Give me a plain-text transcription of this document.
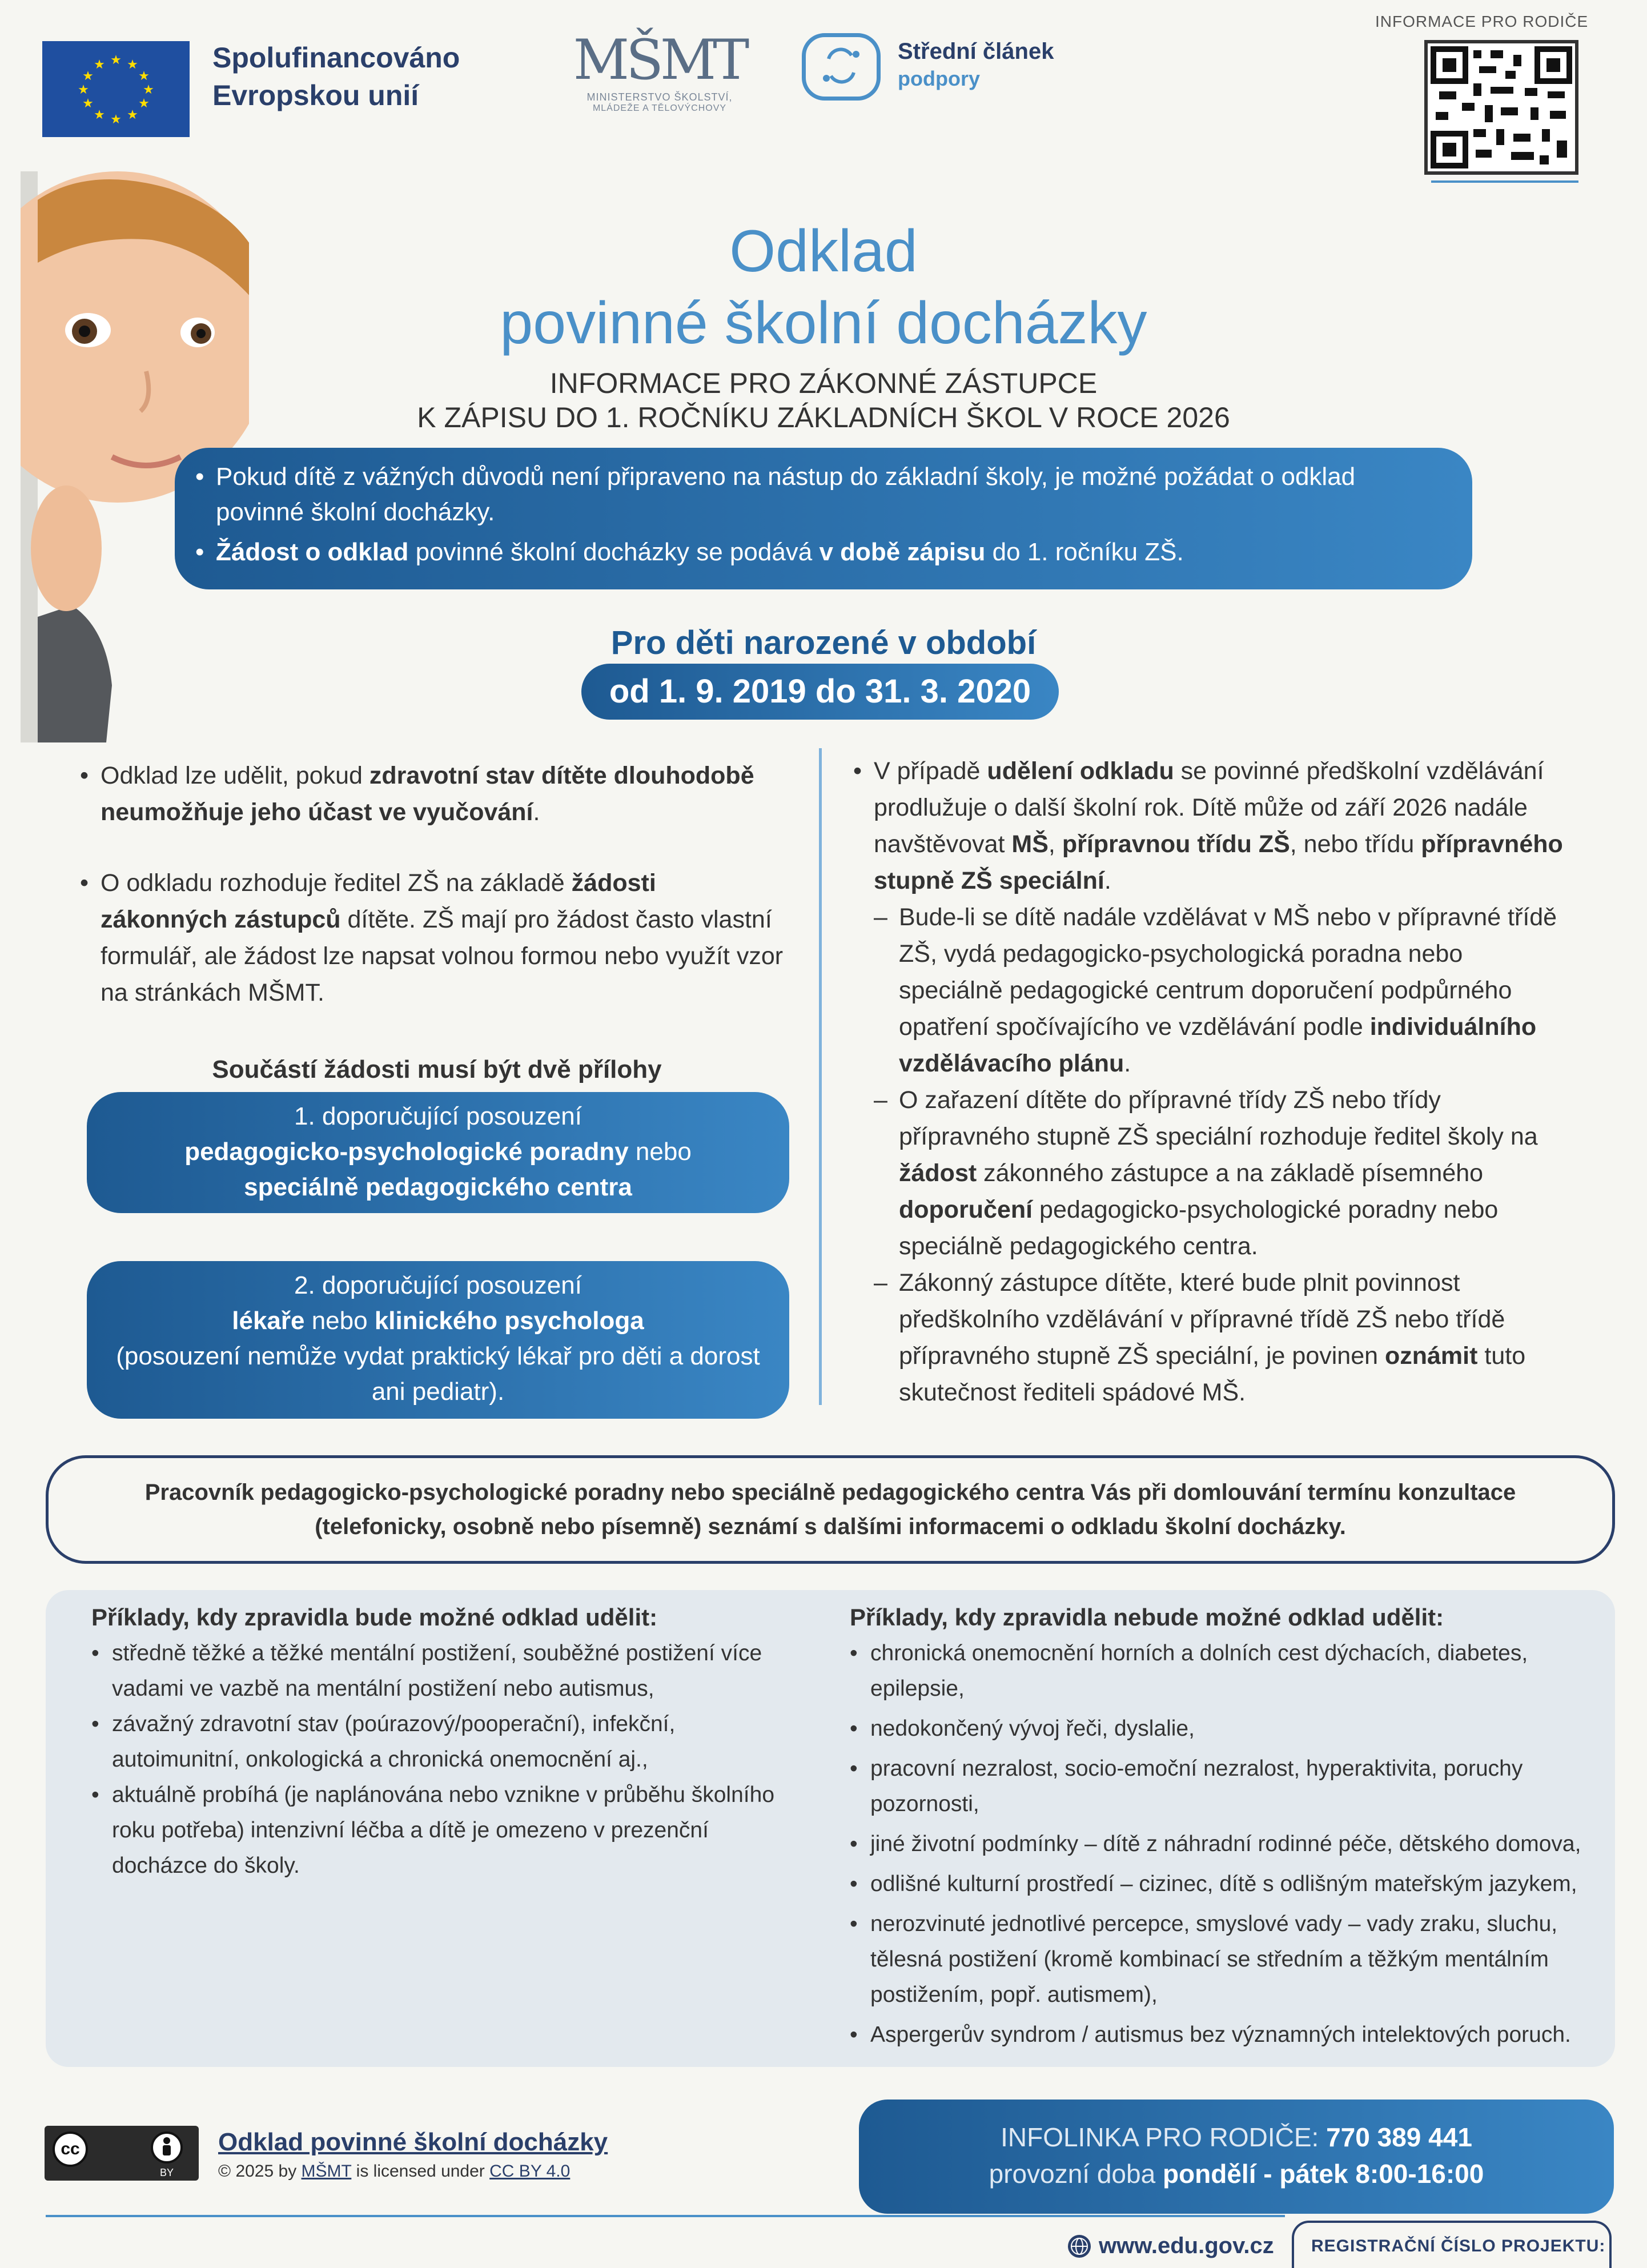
★ ★
★
★
★
★
★
★
★
★
★
★	Spolufinancováno
Evropskou unií
MŠMT
MINISTERSTVO ŠKOLSTVÍ,
MLÁDEŽE A TĚLOVÝCHOVY
Střední článek
podpory
INFORMACE PRO RODIČE
Odklad
povinné školní docházky
INFORMACE PRO ZÁKONNÉ ZÁSTUPCE
K ZÁPISU DO 1. ROČNÍKU ZÁKLADNÍCH ŠKOL V ROCE 2026
• Pokud dítě z vážných důvodů není připraveno na nástup do základní školy, je možné požádat o odklad povinné školní docházky.
• Žádost o odklad povinné školní docházky se podává v době zápisu do 1. ročníku ZŠ.
Pro děti narozené v období
od 1. 9. 2019 do 31. 3. 2020
• Odklad lze udělit, pokud zdravotní stav dítěte dlouhodobě neumožňuje jeho účast ve vyučování.
• O odkladu rozhoduje ředitel ZŠ na základě žádosti zákonných zástupců dítěte. ZŠ mají pro žádost často vlastní formulář, ale žádost lze napsat volnou formou nebo využít vzor na stránkách MŠMT.
Součástí žádosti musí být dvě přílohy
1. doporučující posouzení
pedagogicko-psychologické poradny nebo
speciálně pedagogického centra
2. doporučující posouzení
lékaře nebo klinického psychologa
(posouzení nemůže vydat praktický lékař pro děti a dorost ani pediatr).
• V případě udělení odkladu se povinné předškolní vzdělávání prodlužuje o další školní rok. Dítě může od září 2026 nadále navštěvovat MŠ, přípravnou třídu ZŠ, nebo třídu přípravného stupně ZŠ speciální.
– Bude-li se dítě nadále vzdělávat v MŠ nebo v přípravné třídě ZŠ, vydá pedagogicko-psychologická poradna nebo speciálně pedagogické centrum doporučení podpůrného opatření spočívajícího ve vzdělávání podle individuálního vzdělávacího plánu.
– O zařazení dítěte do přípravné třídy ZŠ nebo třídy přípravného stupně ZŠ speciální rozhoduje ředitel školy na žádost zákonného zástupce a na základě písemného doporučení pedagogicko-psychologické poradny nebo speciálně pedagogického centra.
– Zákonný zástupce dítěte, které bude plnit povinnost předškolního vzdělávání v přípravné třídě ZŠ nebo třídě přípravného stupně ZŠ speciální, je povinen oznámit tuto skutečnost řediteli spádové MŠ.
Pracovník pedagogicko-psychologické poradny nebo speciálně pedagogického centra Vás při domlouvání termínu konzultace (telefonicky, osobně nebo písemně) seznámí s dalšími informacemi o odkladu školní docházky.
Příklady, kdy zpravidla bude možné odklad udělit:
• středně těžké a těžké mentální postižení, souběžné postižení více vadami ve vazbě na mentální postižení nebo autismus,
• závažný zdravotní stav (poúrazový/pooperační), infekční, autoimunitní, onkologická a chronická onemocnění aj.,
• aktuálně probíhá (je naplánována nebo vznikne v průběhu školního roku potřeba) intenzivní léčba a dítě je omezeno v prezenční docházce do školy.
Příklady, kdy zpravidla nebude možné odklad udělit:
• chronická onemocnění horních a dolních cest dýchacích, diabetes, epilepsie,
• nedokončený vývoj řeči, dyslalie,
• pracovní nezralost, socio-emoční nezralost, hyperaktivita, poruchy pozornosti,
• jiné životní podmínky – dítě z náhradní rodinné péče, dětského domova,
• odlišné kulturní prostředí – cizinec, dítě s odlišným mateřským jazykem,
• nerozvinuté jednotlivé percepce, smyslové vady – vady zraku, sluchu, tělesná postižení (kromě kombinací se středním a těžkým mentálním postižením, popř. autismem),
• Aspergerův syndrom / autismus bez významných intelektových poruch.
cc
BY
Odklad povinné školní docházky
© 2025 by MŠMT is licensed under CC BY 4.0
INFOLINKA PRO RODIČE: 770 389 441
provozní doba pondělí - pátek 8:00-16:00
www.edu.gov.cz	REGISTRAČNÍ ČÍSLO PROJEKTU:
